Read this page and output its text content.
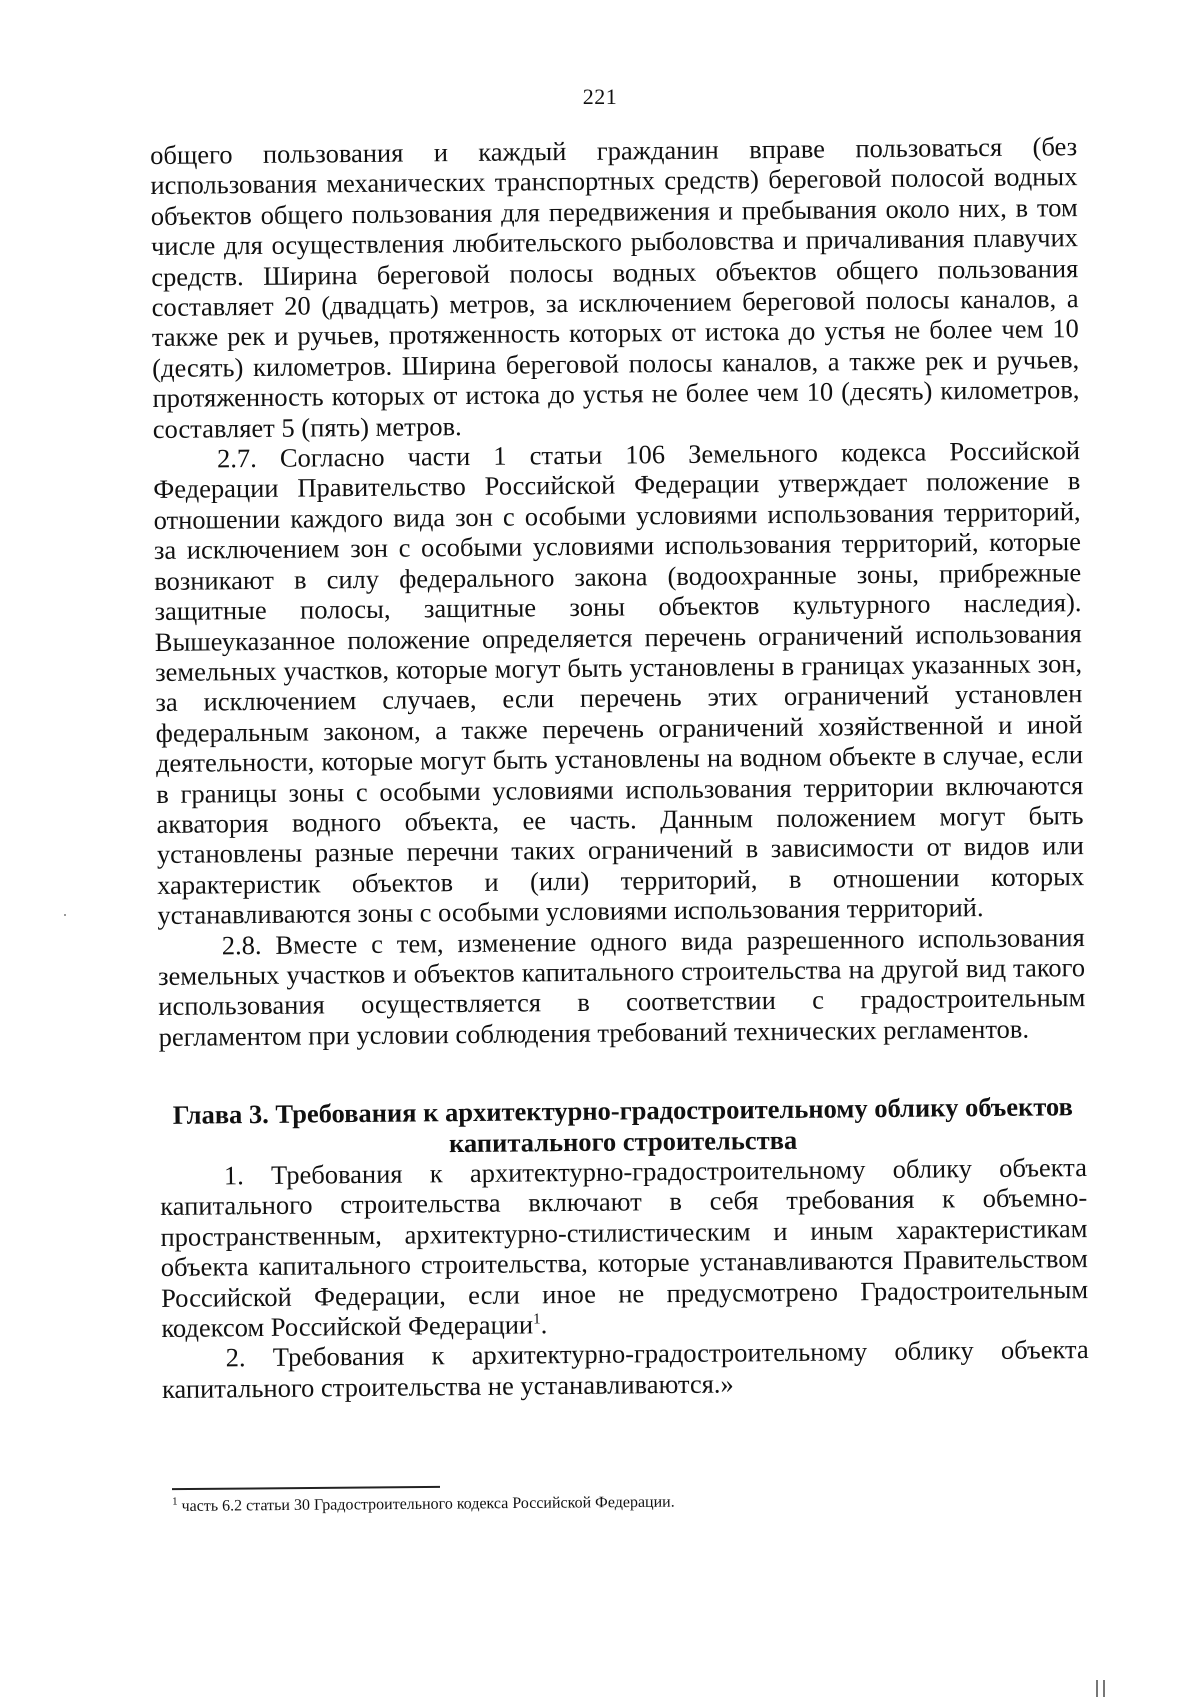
221

общего пользования и каждый гражданин вправе пользоваться (без использования механических транспортных средств) береговой полосой водных объектов общего пользования для передвижения и пребывания около них, в том числе для осуществления любительского рыболовства и причаливания плавучих средств. Ширина береговой полосы водных объектов общего пользования составляет 20 (двадцать) метров, за исключением береговой полосы каналов, а также рек и ручьев, протяженность которых от истока до устья не более чем 10 (десять) километров. Ширина береговой полосы каналов, а также рек и ручьев, протяженность которых от истока до устья не более чем 10 (десять) километров, составляет 5 (пять) метров.

2.7. Согласно части 1 статьи 106 Земельного кодекса Российской Федерации Правительство Российской Федерации утверждает положение в отношении каждого вида зон с особыми условиями использования территорий, за исключением зон с особыми условиями использования территорий, которые возникают в силу федерального закона (водоохранные зоны, прибрежные защитные полосы, защитные зоны объектов культурного наследия). Вышеуказанное положение определяется перечень ограничений использования земельных участков, которые могут быть установлены в границах указанных зон, за исключением случаев, если перечень этих ограничений установлен федеральным законом, а также перечень ограничений хозяйственной и иной деятельности, которые могут быть установлены на водном объекте в случае, если в границы зоны с особыми условиями использования территории включаются акватория водного объекта, ее часть. Данным положением могут быть установлены разные перечни таких ограничений в зависимости от видов или характеристик объектов и (или) территорий, в отношении которых устанавливаются зоны с особыми условиями использования территорий.

2.8. Вместе с тем, изменение одного вида разрешенного использования земельных участков и объектов капитального строительства на другой вид такого использования осуществляется в соответствии с градостроительным регламентом при условии соблюдения требований технических регламентов.

Глава 3. Требования к архитектурно-градостроительному облику объектов капитального строительства

1. Требования к архитектурно-градостроительному облику объекта капитального строительства включают в себя требования к объемно-пространственным, архитектурно-стилистическим и иным характеристикам объекта капитального строительства, которые устанавливаются Правительством Российской Федерации, если иное не предусмотрено Градостроительным кодексом Российской Федерации$^1$.

2. Требования к архитектурно-градостроительному облику объекта капитального строительства не устанавливаются.»

$^1$ часть 6.2 статьи 30 Градостроительного кодекса Российской Федерации.
